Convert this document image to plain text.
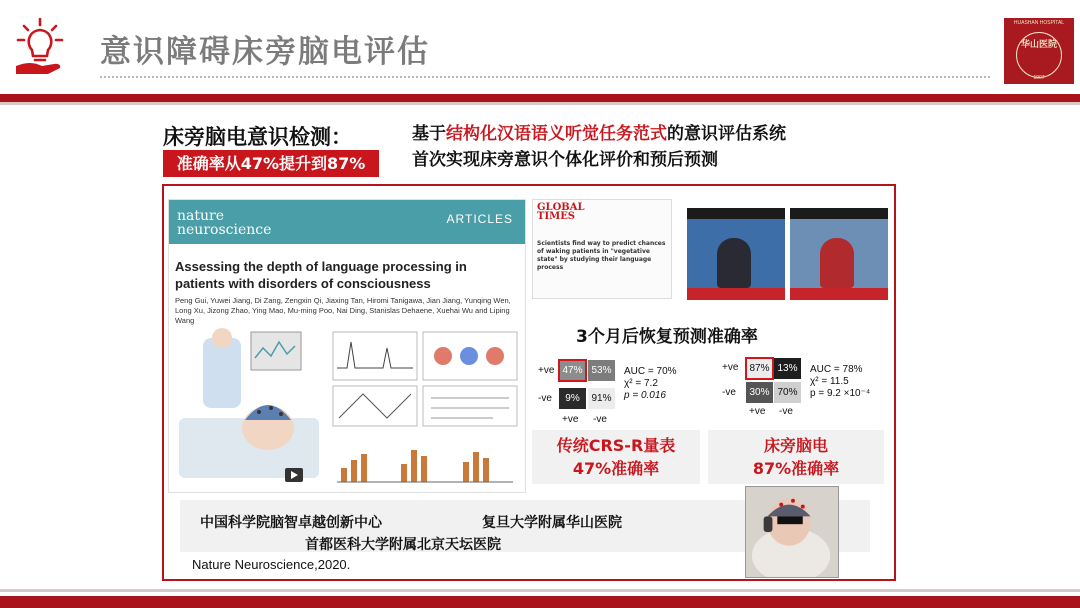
意识障碍床旁脑电评估
HUASHAN HOSPITAL
华山医院
1907
床旁脑电意识检测：
准确率从47%提升到87%
基于结构化汉语语义听觉任务范式的意识评估系统
首次实现床旁意识个体化评价和预后预测
nature
neuroscience
ARTICLES
Assessing the depth of language processing in patients with disorders of consciousness
Peng Gui, Yuwei Jiang, Di Zang, Zengxin Qi, Jiaxing Tan, Hiromi Tanigawa, Jian Jiang, Yunqing Wen, Long Xu, Jizong Zhao, Ying Mao, Mu-ming Poo, Nai Ding, Stanislas Dehaene, Xuehai Wu and Liping Wang
GLOBAL
TIMES
Scientists find way to predict chances of waking patients in "vegetative state" by studying their language process
3个月后恢复预测准确率
+ve
-ve
47% 53%
9%	91%
+ve -ve
AUC = 70%
χ² = 7.2
p = 0.016
+ve
-ve
87% 13%
30% 70%
+ve -ve
AUC = 78%
χ² = 11.5
p = 9.2 ×10⁻⁴
传统CRS-R量表
47%准确率
床旁脑电
87%准确率
中国科学院脑智卓越创新中心	复旦大学附属华山医院
首都医科大学附属北京天坛医院
Nature Neuroscience,2020.
